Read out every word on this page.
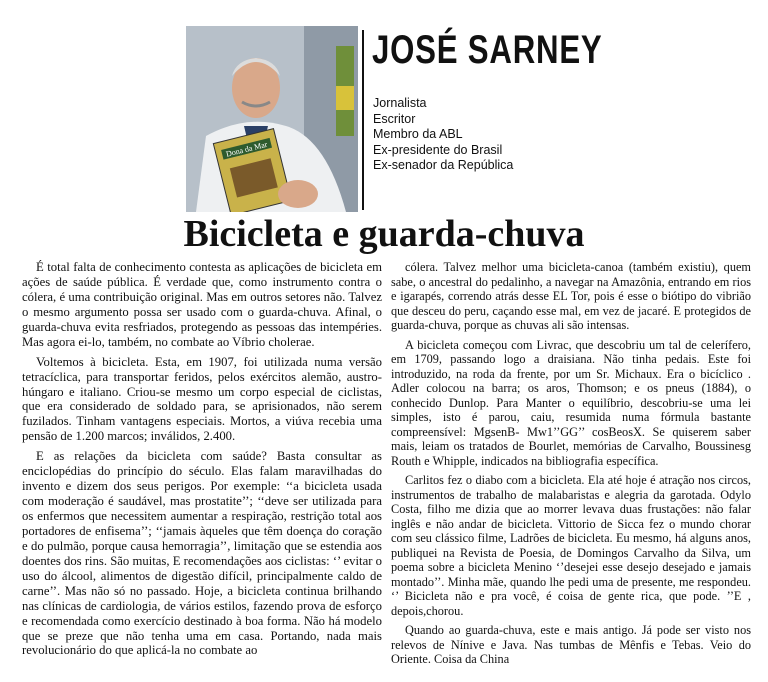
Dona da Mar
JOSÉ SARNEY
Jornalista
Escritor
Membro da ABL
Ex-presidente do Brasil
Ex-senador da República
Bicicleta e guarda-chuva

É total falta de conhecimento contesta as aplicações de bicicleta em ações de saúde pública. É verdade que, como instrumento contra o cólera, é uma contribuição original. Mas em outros setores não. Talvez o mesmo argumento possa ser usado com o guarda-chuva. Afinal, o guarda-chuva evita resfriados, protegendo as pessoas das intempéries. Mas agora ei-lo, também, no combate ao Víbrio cholerae.

Voltemos à bicicleta. Esta, em 1907, foi utilizada numa versão tetracíclica, para transportar feridos, pelos exércitos alemão, austro-húngaro e italiano. Criou-se mesmo um corpo especial de ciclistas, que era considerado de soldado para, se aprisionados, não serem fuzilados. Tinham vantagens especiais. Mortos, a viúva recebia uma pensão de 1.200 marcos; inválidos, 2.400.

E as relações da bicicleta com saúde? Basta consultar as enciclopédias do princípio do século. Elas falam maravilhadas do invento e dizem dos seus perigos. Por exemple: ‘‘a bicicleta usada com moderação é saudável, mas prostatite’’; ‘‘deve ser utilizada para os enfermos que necessitem aumentar a respiração, restrição total aos portadores de enfisema’’; ‘‘jamais àqueles que têm doença do coração e do pulmão, porque causa hemorragia’’, limitação que se estendia aos doentes dos rins. São muitas, E recomendações aos ciclistas: ‘’ evitar o uso do álcool, alimentos de digestão difícil, principalmente caldo de carne’’. Mas não só no passado. Hoje, a bicicleta continua brilhando nas clínicas de cardiologia, de vários estilos, fazendo prova de esforço e recomendada como exercício destinado à boa forma. Não há modelo que se preze que não tenha uma em casa. Portando, nada mais revolucionário do que aplicá-la no combate ao

cólera. Talvez melhor uma bicicleta-canoa (também existiu), quem sabe, o ancestral do pedalinho, a navegar na Amazônia, entrando em rios e igarapés, correndo atrás desse EL Tor, pois é esse o biótipo do vibrião que desceu do peru, caçando esse mal, em vez de jacaré. E protegidos de guarda-chuva, porque as chuvas ali são intensas.

A bicicleta começou com Livrac, que descobriu um tal de celerífero, em 1709, passando logo a draisiana. Não tinha pedais. Este foi introduzido, na roda da frente, por um Sr. Michaux. Era o bicíclico . Adler colocou na barra; os aros, Thomson; e os pneus (1884), o conhecido Dunlop. Para Manter o equilíbrio, descobriu-se uma lei simples, isto é parou, caiu, resumida numa fórmula bastante compreensível: MgsenB- Mw1’’GG’’ cosBeosX. Se quiserem saber mais, leiam os tratados de Bourlet, memórias de Carvalho, Boussinesg Routh e Whipple, indicados na bibliografia específica.

Carlitos fez o diabo com a bicicleta. Ela até hoje é atração nos circos, instrumentos de trabalho de malabaristas e alegria da garotada. Odylo Costa, filho me dizia que ao morrer levava duas frustações: não falar inglês e não andar de bicicleta. Vittorio de Sicca fez o mundo chorar com seu clássico filme, Ladrões de bicicleta. Eu mesmo, há alguns anos, publiquei na Revista de Poesia, de Domingos Carvalho da Silva, um poema sobre a bicicleta Menino ‘’desejei esse desejo desejado e jamais montado’’. Minha mãe, quando lhe pedi uma de presente, me respondeu. ‘’ Bicicleta não e pra você, é coisa de gente rica, que pode. ’’E , depois,chorou.

Quando ao guarda-chuva, este e mais antigo. Já pode ser visto nos relevos de Nínive e Java. Nas tumbas de Mênfis e Tebas. Veio do Oriente. Coisa da China
